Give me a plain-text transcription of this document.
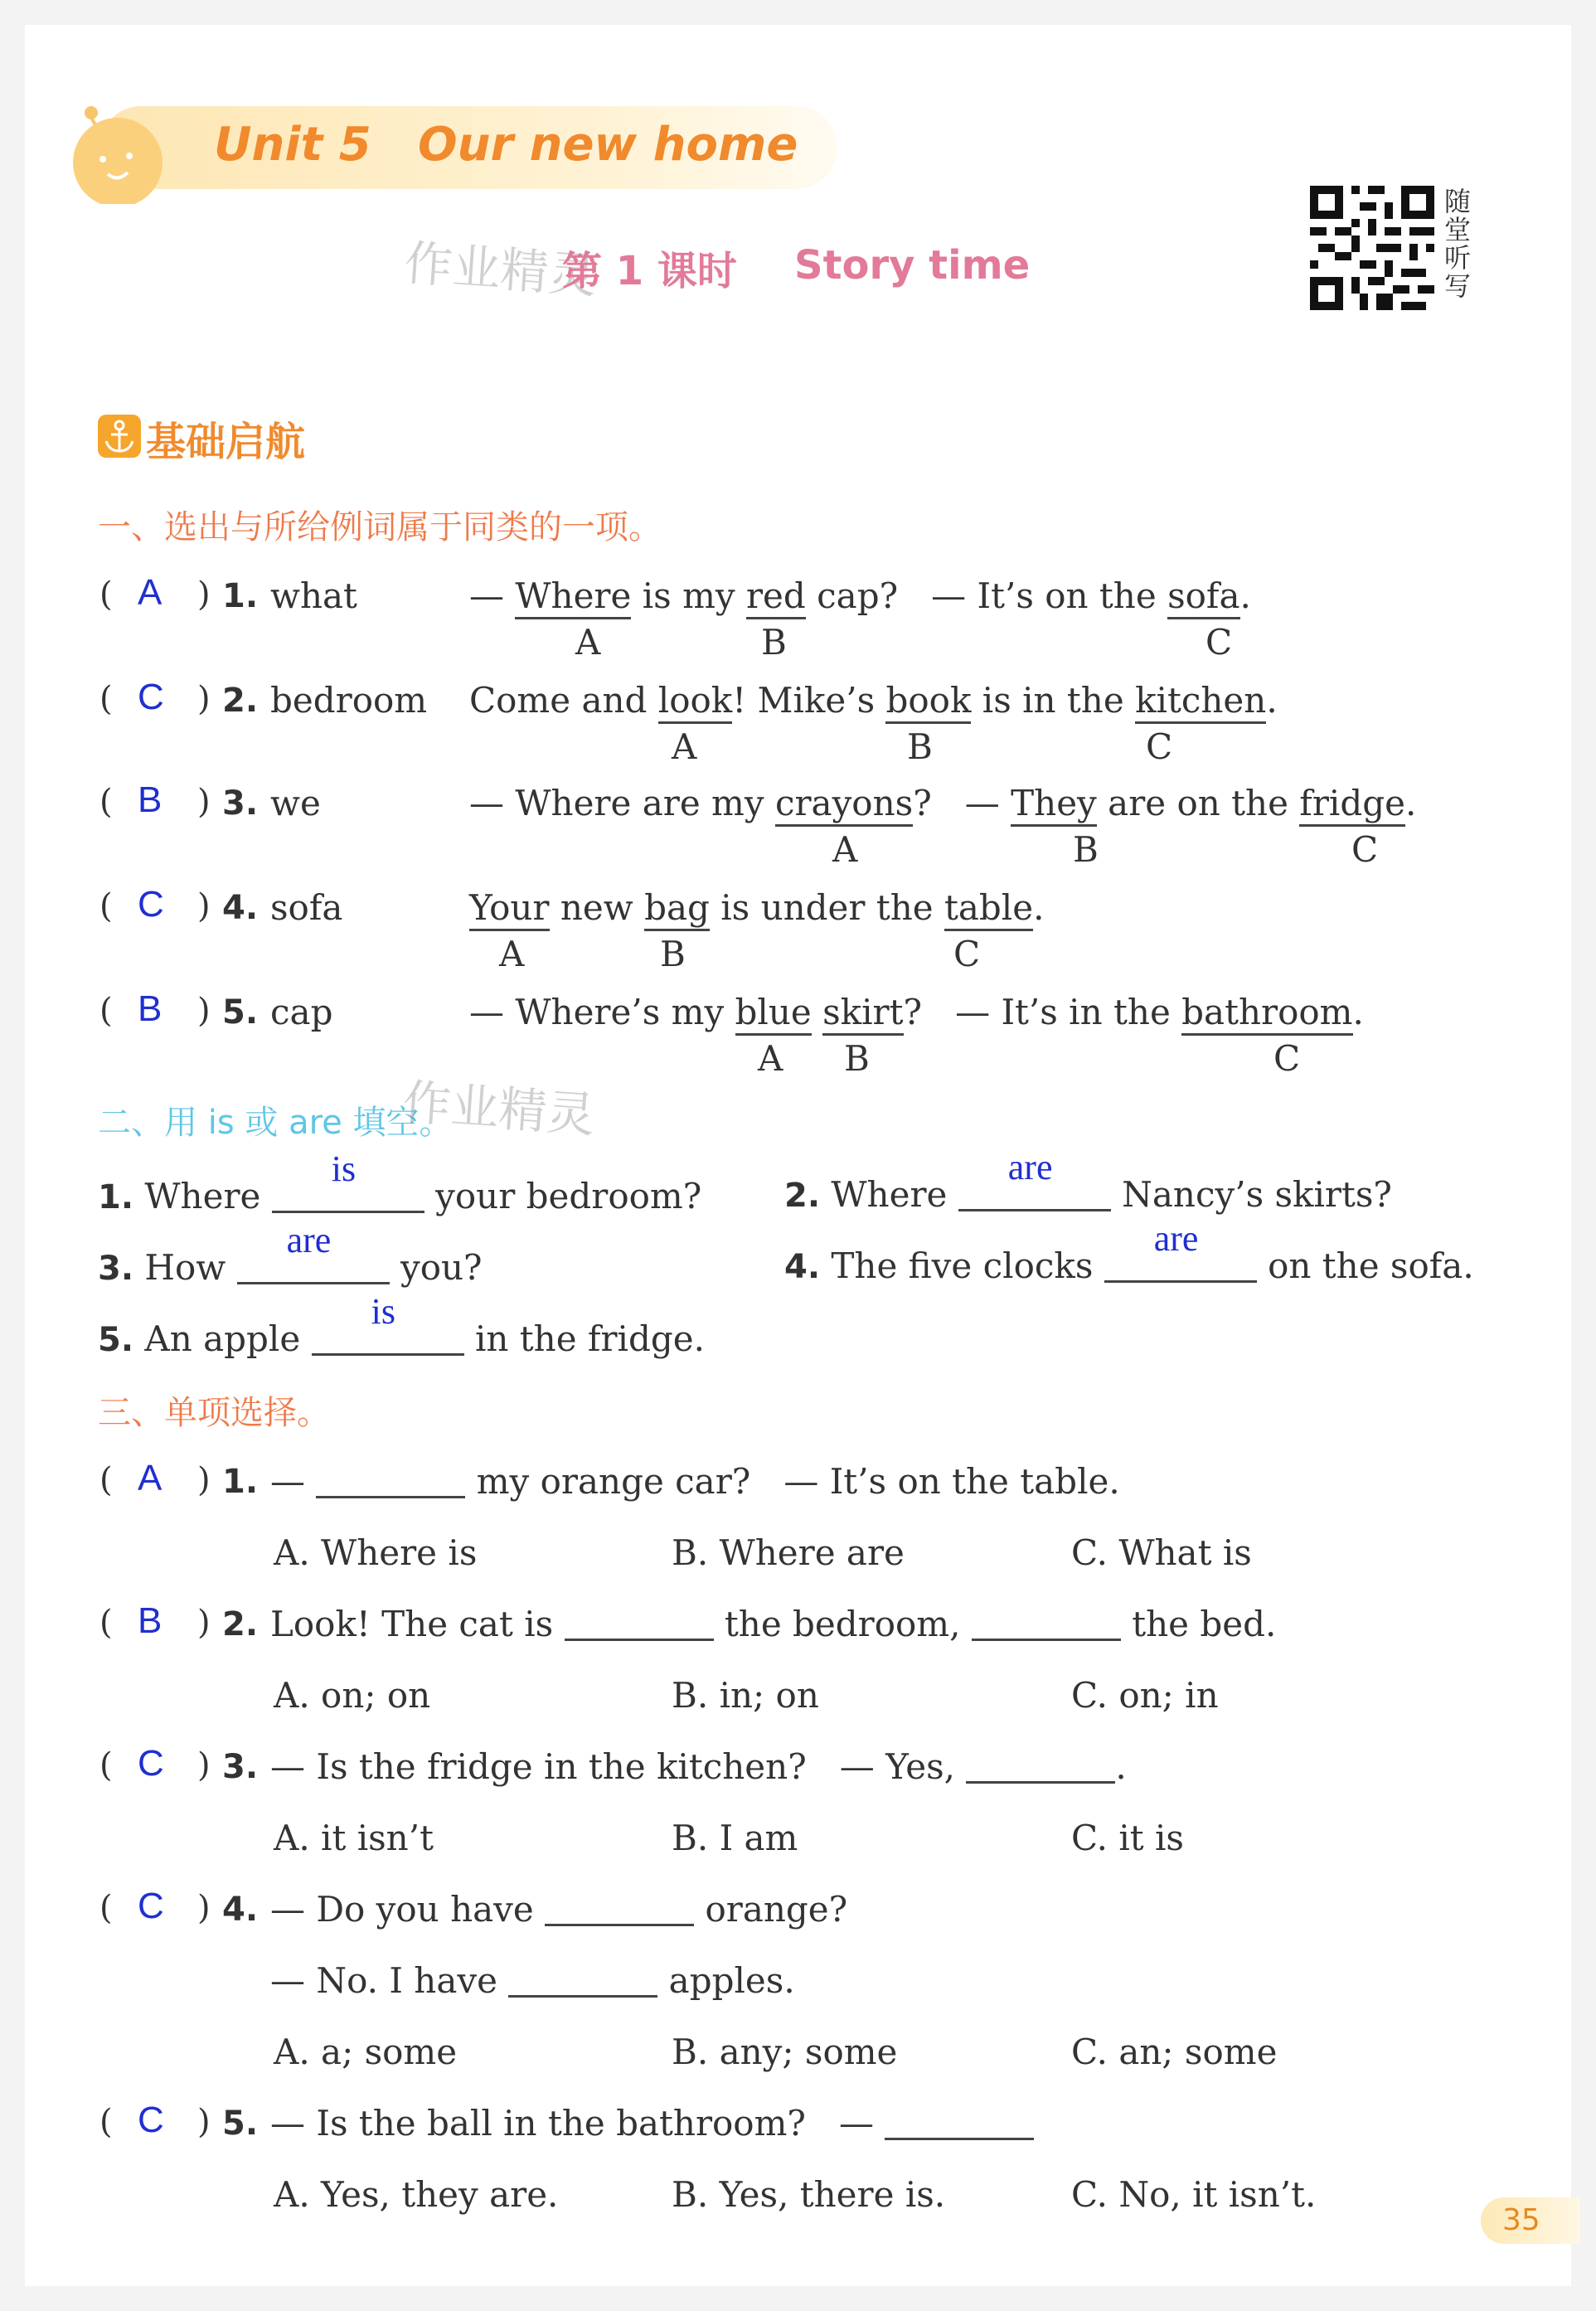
Unit 5 Our new home
作业精灵
第 1 课时 Story time
随堂听写
基础启航
一、选出与所给例词属于同类的一项。
( A ) 1. what	— Where is my red cap?   — It’s on the sofa.
A	B	C
( C ) 2. bedroom Come and look! Mike’s book is in the kitchen.
A	B	C
( B ) 3. we	— Where are my crayons?   — They are on the fridge.
A	B	C
( C ) 4. sofa	Your new bag is under the table.
A	B	C
( B ) 5. cap	— Where’s my blue skirt?   — It’s in the bathroom.
A B	C
二、用 is 或 are 填空。
作业精灵
1. Where
is
your bedroom? 2. Where
are
Nancy’s skirts?
3. How
are
you?	4. The five clocks
are
on the sofa.
5. An apple
is
in the fridge.
三、单项选择。
( A ) 1. —	my orange car?   — It’s on the table.
A. Where is	B. Where are	C. What is
( B ) 2. Look! The cat is	the bedroom,	the bed.
A. on; on	B. in; on	C. on; in
( C ) 3. — Is the fridge in the kitchen?   — Yes,	.
A. it isn’t	B. I am	C. it is
( C ) 4. — Do you have	orange?
— No. I have	apples.
A. a; some	B. any; some	C. an; some
( C ) 5. — Is the ball in the bathroom?   —
A. Yes, they are.	B. Yes, there is.	C. No, it isn’t.
35
